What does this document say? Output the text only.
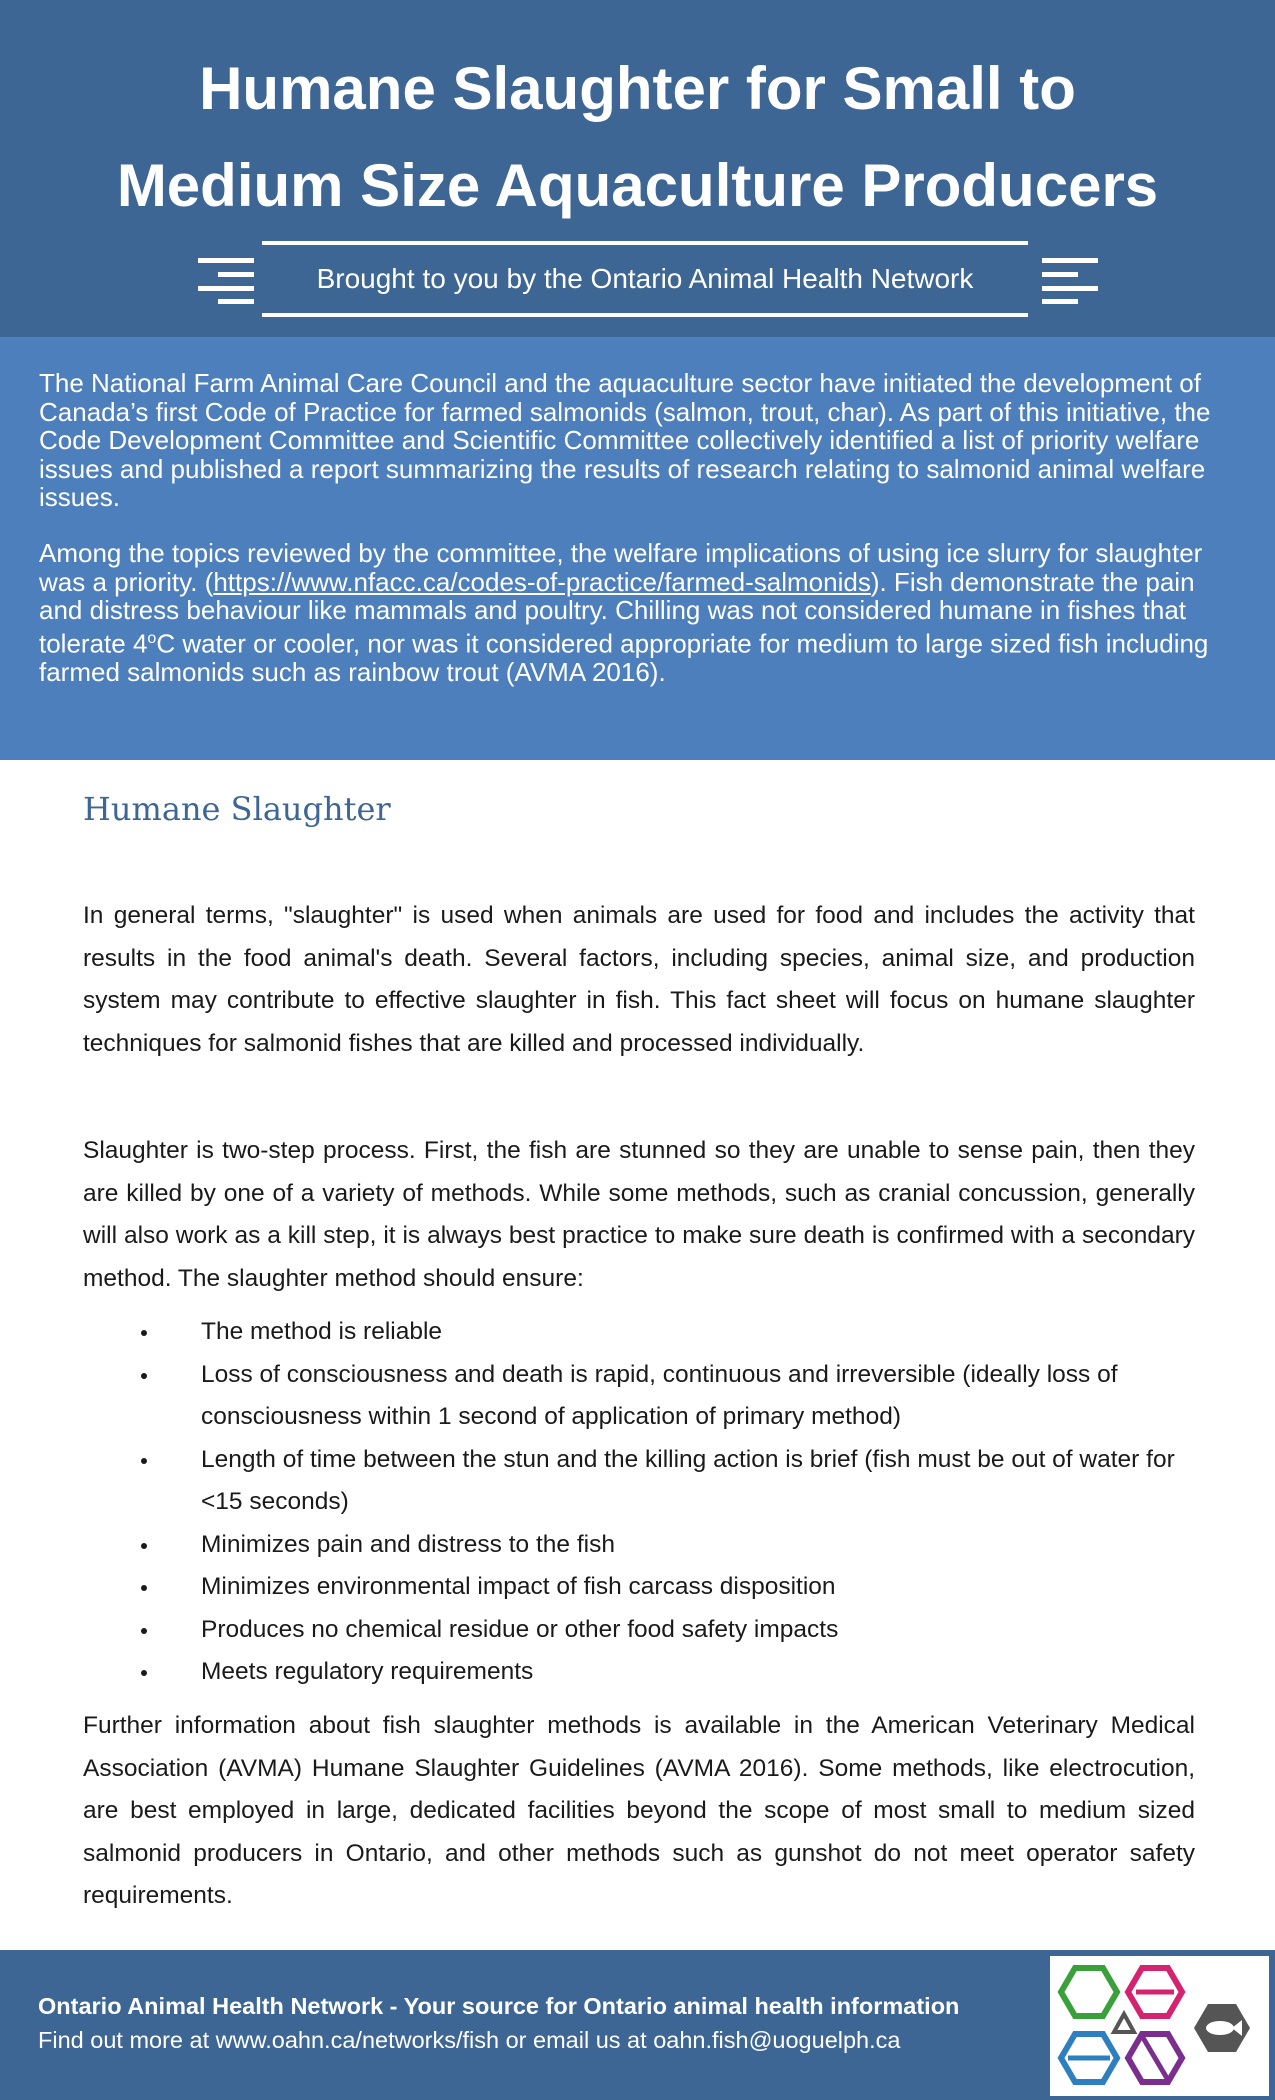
Humane Slaughter for Small to
Medium Size Aquaculture Producers
Brought to you by the Ontario Animal Health Network

The National Farm Animal Care Council and the aquaculture sector have initiated the development of Canada’s first Code of Practice for farmed salmonids (salmon, trout, char). As part of this initiative, the Code Development Committee and Scientific Committee collectively identified a list of priority welfare issues and published a report summarizing the results of research relating to salmonid animal welfare issues.

Among the topics reviewed by the committee, the welfare implications of using ice slurry for slaughter was a priority. (https://www.nfacc.ca/codes-of-practice/farmed-salmonids). Fish demonstrate the pain and distress behaviour like mammals and poultry. Chilling was not considered humane in fishes that tolerate 4$^o$C water or cooler, nor was it considered appropriate for medium to large sized fish including farmed salmonids such as rainbow trout (AVMA 2016).

Humane Slaughter

In general terms, "slaughter" is used when animals are used for food and includes the activity that results in the food animal's death. Several factors, including species, animal size, and production system may contribute to effective slaughter in fish. This fact sheet will focus on humane slaughter techniques for salmonid fishes that are killed and processed individually.

Slaughter is two-step process. First, the fish are stunned so they are unable to sense pain, then they are killed by one of a variety of methods. While some methods, such as cranial concussion, generally will also work as a kill step, it is always best practice to make sure death is confirmed with a secondary method. The slaughter method should ensure:

The method is reliable
Loss of consciousness and death is rapid, continuous and irreversible (ideally loss of consciousness within 1 second of application of primary method)
Length of time between the stun and the killing action is brief (fish must be out of water for <15 seconds)
Minimizes pain and distress to the fish
Minimizes environmental impact of fish carcass disposition
Produces no chemical residue or other food safety impacts
Meets regulatory requirements

Further information about fish slaughter methods is available in the American Veterinary Medical Association (AVMA) Humane Slaughter Guidelines (AVMA 2016). Some methods, like electrocution, are best employed in large, dedicated facilities beyond the scope of most small to medium sized salmonid producers in Ontario, and other methods such as gunshot do not meet operator safety requirements.

Ontario Animal Health Network - Your source for Ontario animal health information
Find out more at www.oahn.ca/networks/fish or email us at oahn.fish@uoguelph.ca
